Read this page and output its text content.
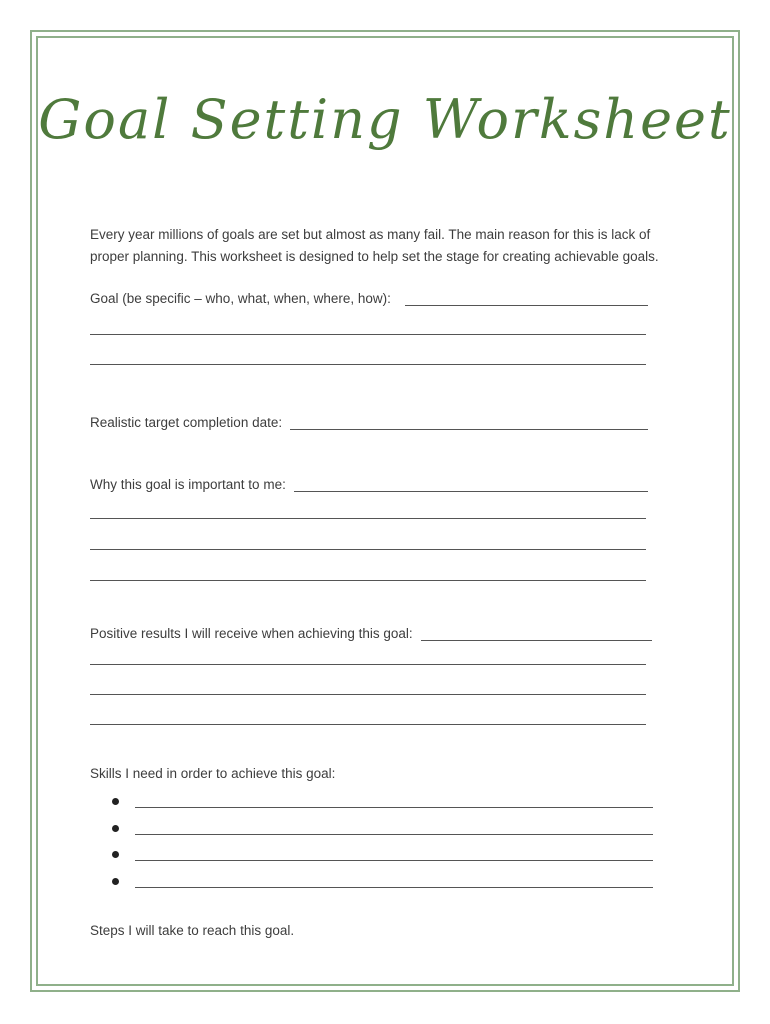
Goal Setting Worksheet
Every year millions of goals are set but almost as many fail. The main reason for this is lack of proper planning. This worksheet is designed to help set the stage for creating achievable goals.
Goal (be specific – who, what, when, where, how):
Realistic target completion date:
Why this goal is important to me:
Positive results I will receive when achieving this goal:
Skills I need in order to achieve this goal:
Steps I will take to reach this goal.
